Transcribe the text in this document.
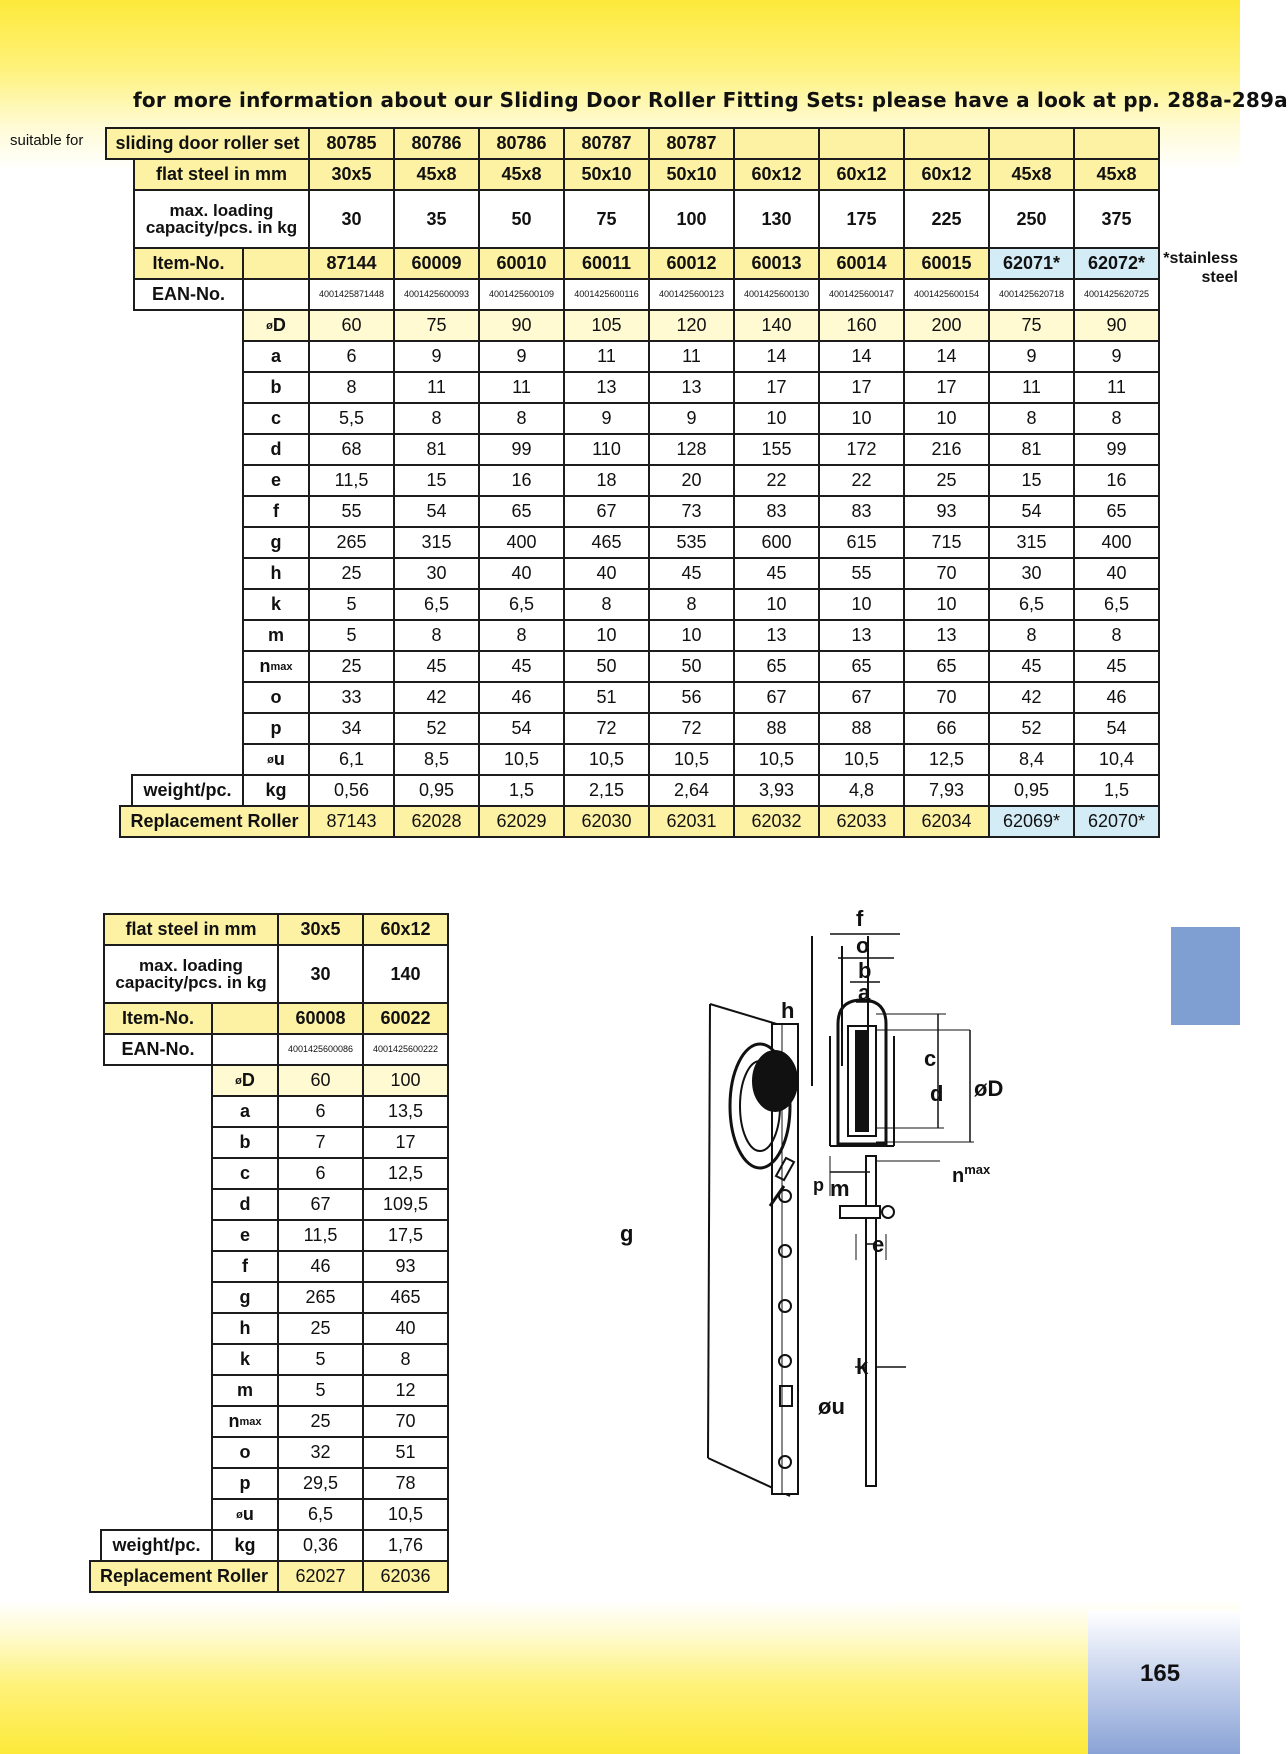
for more information about our Sliding Door Roller Fitting Sets: please have a look at pp. 288a-289a
suitable for
*stainless steel
sliding door roller set	80785	80786	80786	80787	80787
flat steel in mm	30x5	45x8	45x8	50x10	50x10	60x12	60x12	60x12	45x8	45x8
max. loading capacity/pcs. in kg	30	35	50	75	100	130	175	225	250	375
Item-No.	87144	60009	60010	60011	60012	60013	60014	60015	62071*	62072*
EAN-No.	4001425871448	4001425600093	4001425600109	4001425600116	4001425600123	4001425600130	4001425600147	4001425600154	4001425620718	4001425620725
ø D	60	75	90	105	120	140	160	200	75	90
a	6	9	9	11	11	14	14	14	9	9
b	8	11	11	13	13	17	17	17	11	11
c	5,5	8	8	9	9	10	10	10	8	8
d	68	81	99	110	128	155	172	216	81	99
e	11,5	15	16	18	20	22	22	25	15	16
f	55	54	65	67	73	83	83	93	54	65
g	265	315	400	465	535	600	615	715	315	400
h	25	30	40	40	45	45	55	70	30	40
k	5	6,5	6,5	8	8	10	10	10	6,5	6,5
m	5	8	8	10	10	13	13	13	8	8
n max	25	45	45	50	50	65	65	65	45	45
o	33	42	46	51	56	67	67	70	42	46
p	34	52	54	72	72	88	88	66	52	54
ø u	6,1	8,5	10,5	10,5	10,5	10,5	10,5	12,5	8,4	10,4
weight/pc.	kg	0,56	0,95	1,5	2,15	2,64	3,93	4,8	7,93	0,95	1,5
Replacement Roller	87143	62028	62029	62030	62031	62032	62033	62034	62069*	62070*
flat steel in mm	30x5	60x12
max. loading capacity/pcs. in kg	30	140
Item-No.	60008	60022
EAN-No.	4001425600086	4001425600222
ø D	60	100
a	6	13,5
b	7	17
c	6	12,5
d	67	109,5
e	11,5	17,5
f	46	93
g	265	465
h	25	40
k	5	8
m	5	12
n max	25	70
o	32	51
p	29,5	78
ø u	6,5	10,5
weight/pc.	kg	0,36	1,76
Replacement Roller	62027	62036
f
o
b
a
h
c
d øD
$n^{max}$
p m
g	e
k
øu
165
